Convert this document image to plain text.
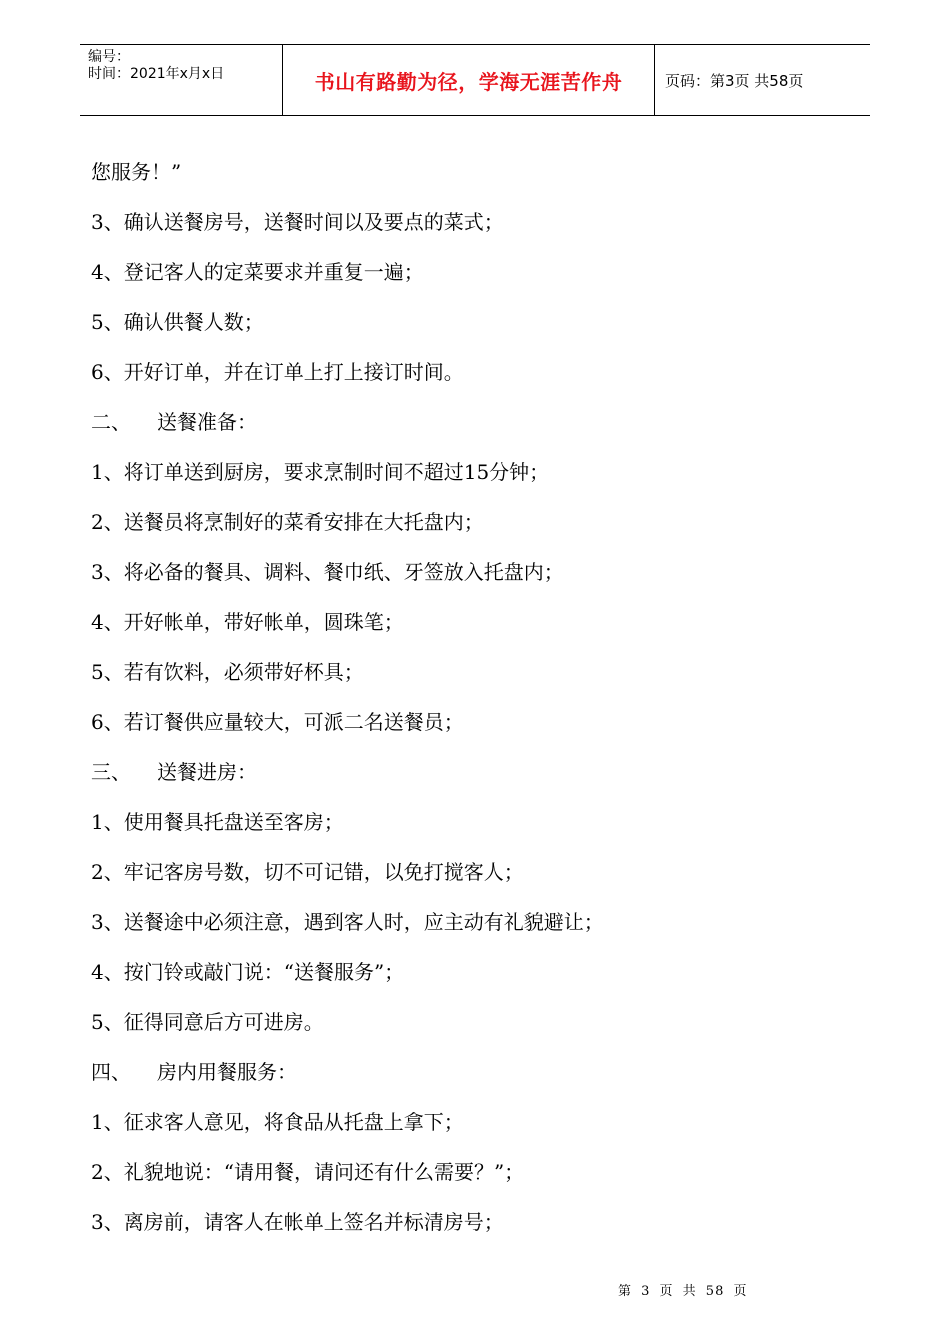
编号：
时间：2021年x月x日	书山有路勤为径，学海无涯苦作舟	页码：第3页 共58页
您服务！”
3、确认送餐房号，送餐时间以及要点的菜式；
4、登记客人的定菜要求并重复一遍；
5、确认供餐人数；
6、开好订单，并在订单上打上接订时间。
二、 送餐准备：
1、将订单送到厨房，要求烹制时间不超过15分钟；
2、送餐员将烹制好的菜肴安排在大托盘内；
3、将必备的餐具、调料、餐巾纸、牙签放入托盘内；
4、开好帐单，带好帐单，圆珠笔；
5、若有饮料，必须带好杯具；
6、若订餐供应量较大，可派二名送餐员；
三、 送餐进房：
1、使用餐具托盘送至客房；
2、牢记客房号数，切不可记错，以免打搅客人；
3、送餐途中必须注意，遇到客人时，应主动有礼貌避让；
4、按门铃或敲门说：“送餐服务”；
5、征得同意后方可进房。
四、 房内用餐服务：
1、征求客人意见，将食品从托盘上拿下；
2、礼貌地说：“请用餐，请问还有什么需要？”；
3、离房前，请客人在帐单上签名并标清房号；
第 3 页 共 58 页
